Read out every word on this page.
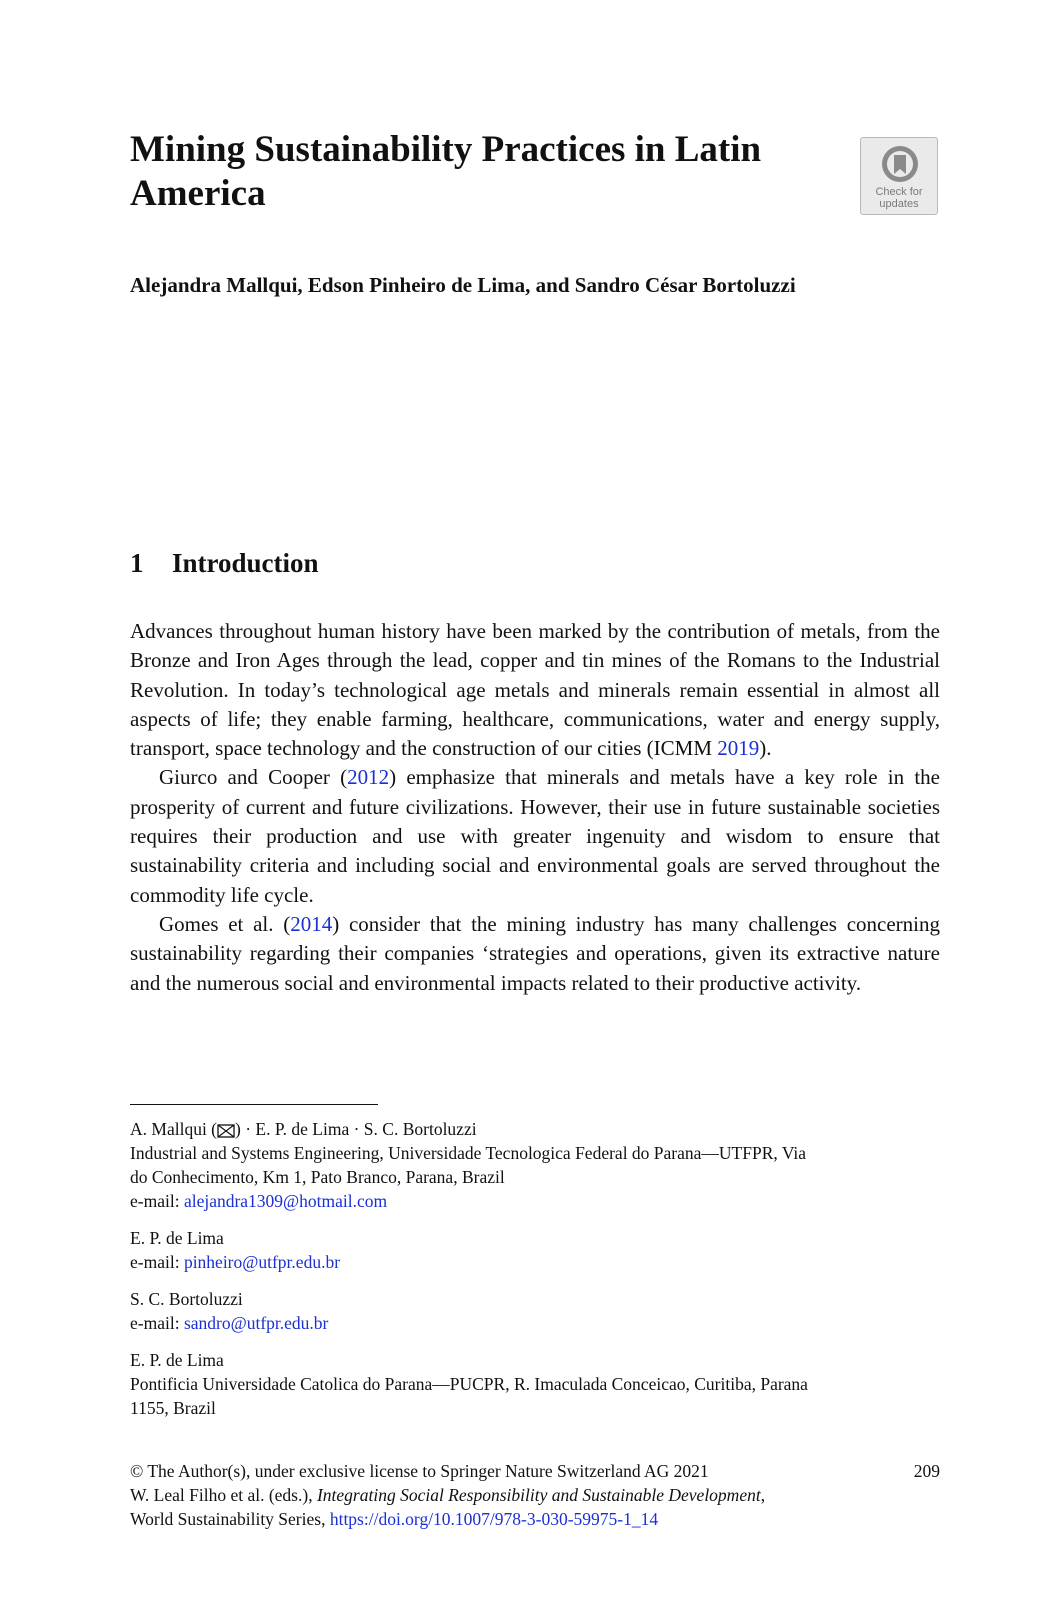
Mining Sustainability Practices in Latin America	Check for
updates

Alejandra Mallqui, Edson Pinheiro de Lima, and Sandro César Bortoluzzi

1 Introduction

Advances throughout human history have been marked by the contribution of metals, from the Bronze and Iron Ages through the lead, copper and tin mines of the Romans to the Industrial Revolution. In today’s technological age metals and minerals remain essential in almost all aspects of life; they enable farming, healthcare, communications, water and energy supply, transport, space technology and the construction of our cities (ICMM 2019).

Giurco and Cooper (2012) emphasize that minerals and metals have a key role in the prosperity of current and future civilizations. However, their use in future sustainable societies requires their production and use with greater ingenuity and wisdom to ensure that sustainability criteria and including social and environmental goals are served throughout the commodity life cycle.

Gomes et al. (2014) consider that the mining industry has many challenges concerning sustainability regarding their companies ‘strategies and operations, given its extractive nature and the numerous social and environmental impacts related to their productive activity.

A. Mallqui ( ) · E. P. de Lima · S. C. Bortoluzzi
Industrial and Systems Engineering, Universidade Tecnologica Federal do Parana—UTFPR, Via
do Conhecimento, Km 1, Pato Branco, Parana, Brazil
e-mail: alejandra1309@hotmail.com
E. P. de Lima
e-mail: pinheiro@utfpr.edu.br
S. C. Bortoluzzi
e-mail: sandro@utfpr.edu.br
E. P. de Lima
Pontificia Universidade Catolica do Parana—PUCPR, R. Imaculada Conceicao, Curitiba, Parana
1155, Brazil
© The Author(s), under exclusive license to Springer Nature Switzerland AG 2021	209
W. Leal Filho et al. (eds.), Integrating Social Responsibility and Sustainable Development,
World Sustainability Series, https://doi.org/10.1007/978-3-030-59975-1_14
